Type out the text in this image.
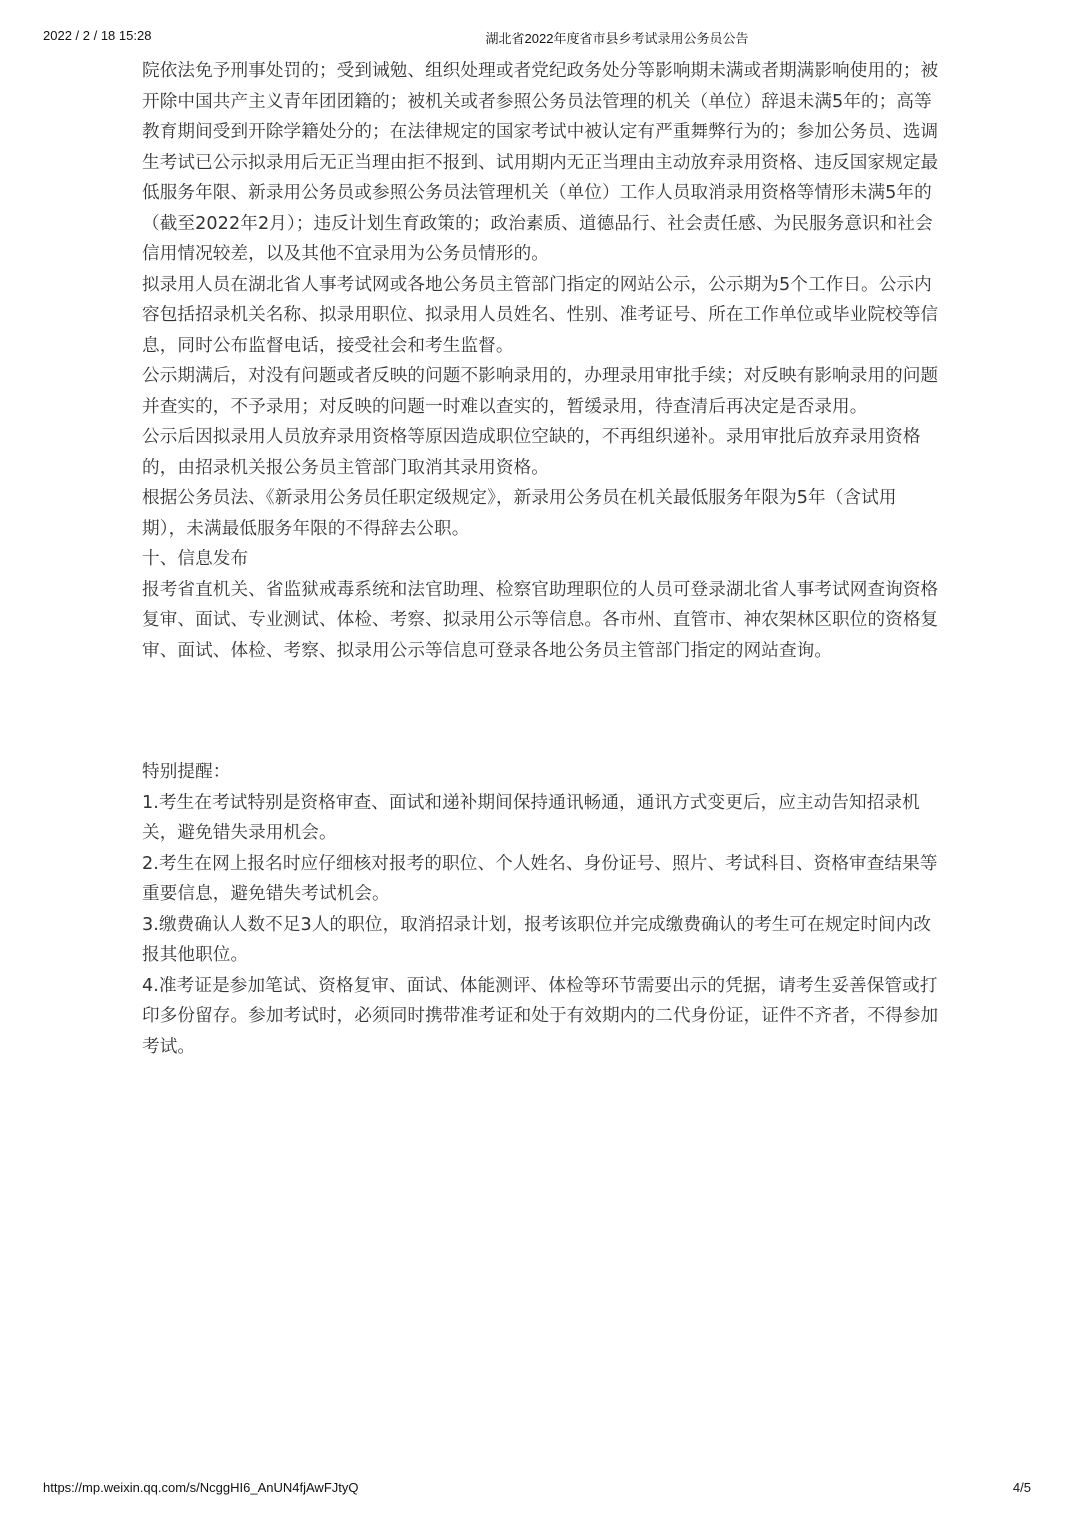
2022 / 2 / 18 15:28	湖北省2022年度省市县乡考试录用公务员公告

院依法免予刑事处罚的；受到诫勉、组织处理或者党纪政务处分等影响期未满或者期满影响使用的；被开除中国共产主义青年团团籍的；被机关或者参照公务员法管理的机关（单位）辞退未满5年的；高等教育期间受到开除学籍处分的；在法律规定的国家考试中被认定有严重舞弊行为的；参加公务员、选调生考试已公示拟录用后无正当理由拒不报到、试用期内无正当理由主动放弃录用资格、违反国家规定最低服务年限、新录用公务员或参照公务员法管理机关（单位）工作人员取消录用资格等情形未满5年的（截至2022年2月）；违反计划生育政策的；政治素质、道德品行、社会责任感、为民服务意识和社会信用情况较差，以及其他不宜录用为公务员情形的。

拟录用人员在湖北省人事考试网或各地公务员主管部门指定的网站公示，公示期为5个工作日。公示内容包括招录机关名称、拟录用职位、拟录用人员姓名、性别、准考证号、所在工作单位或毕业院校等信息，同时公布监督电话，接受社会和考生监督。

公示期满后，对没有问题或者反映的问题不影响录用的，办理录用审批手续；对反映有影响录用的问题并查实的，不予录用；对反映的问题一时难以查实的，暂缓录用，待查清后再决定是否录用。

公示后因拟录用人员放弃录用资格等原因造成职位空缺的，不再组织递补。录用审批后放弃录用资格的，由招录机关报公务员主管部门取消其录用资格。

根据公务员法、《新录用公务员任职定级规定》，新录用公务员在机关最低服务年限为5年（含试用期），未满最低服务年限的不得辞去公职。

十、信息发布

报考省直机关、省监狱戒毒系统和法官助理、检察官助理职位的人员可登录湖北省人事考试网查询资格复审、面试、专业测试、体检、考察、拟录用公示等信息。各市州、直管市、神农架林区职位的资格复审、面试、体检、考察、拟录用公示等信息可登录各地公务员主管部门指定的网站查询。

特别提醒：

1.考生在考试特别是资格审查、面试和递补期间保持通讯畅通，通讯方式变更后，应主动告知招录机关，避免错失录用机会。

2.考生在网上报名时应仔细核对报考的职位、个人姓名、身份证号、照片、考试科目、资格审查结果等重要信息，避免错失考试机会。

3.缴费确认人数不足3人的职位，取消招录计划，报考该职位并完成缴费确认的考生可在规定时间内改报其他职位。

4.准考证是参加笔试、资格复审、面试、体能测评、体检等环节需要出示的凭据，请考生妥善保管或打印多份留存。参加考试时，必须同时携带准考证和处于有效期内的二代身份证，证件不齐者，不得参加考试。

https://mp.weixin.qq.com/s/NcggHI6_AnUN4fjAwFJtyQ	4/5
